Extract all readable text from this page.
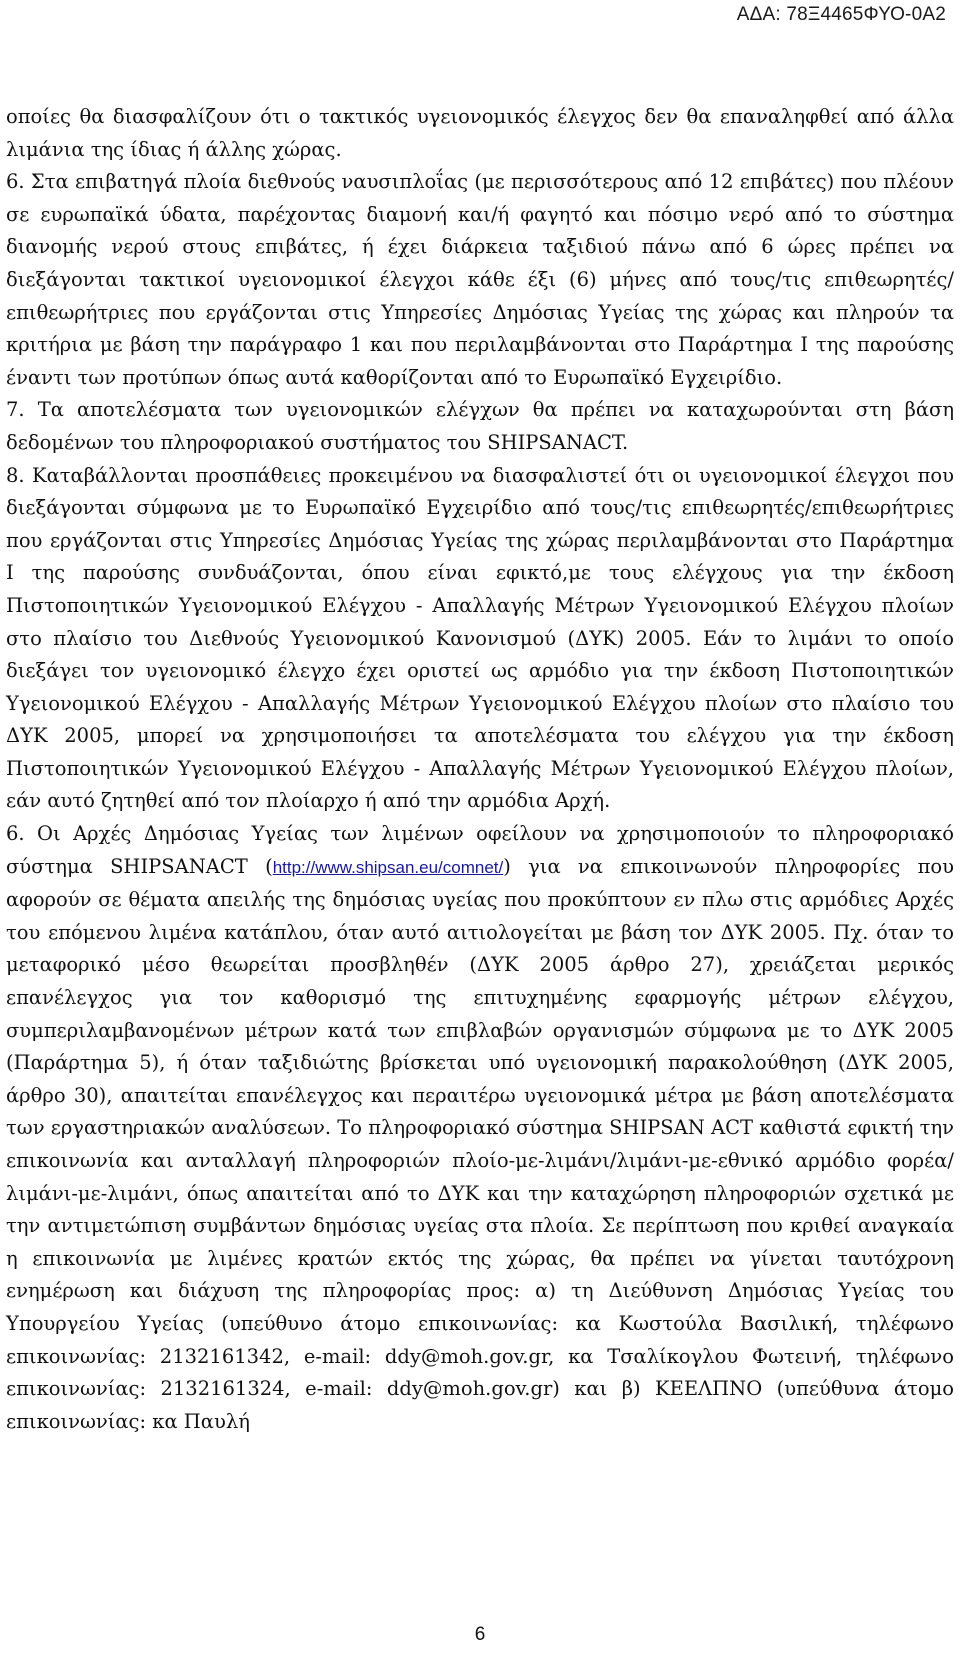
ΑΔΑ: 78Ξ4465ΦΥΟ-0Α2

οποίες θα διασφαλίζουν ότι ο τακτικός υγειονομικός έλεγχος δεν θα επαναληφθεί από άλλα λιμάνια της ίδιας ή άλλης χώρας.

6. Στα επιβατηγά πλοία διεθνούς ναυσιπλοΐας (με περισσότερους από 12 επιβάτες) που πλέουν σε ευρωπαϊκά ύδατα, παρέχοντας διαμονή και/ή φαγητό και πόσιμο νερό από το σύστημα διανομής νερού στους επιβάτες, ή έχει διάρκεια ταξιδιού πάνω από 6 ώρες πρέπει να διεξάγονται τακτικοί υγειονομικοί έλεγχοι κάθε έξι (6) μήνες από τους/τις επιθεωρητές/επιθεωρήτριες που εργάζονται στις Υπηρεσίες Δημόσιας Υγείας της χώρας και πληρούν τα κριτήρια με βάση την παράγραφο 1 και που περιλαμβάνονται στο Παράρτημα Ι της παρούσης έναντι των προτύπων όπως αυτά καθορίζονται από το Ευρωπαϊκό Εγχειρίδιο.

7. Τα αποτελέσματα των υγειονομικών ελέγχων θα πρέπει να καταχωρούνται στη βάση δεδομένων του πληροφοριακού συστήματος του SHIPSANACT.

8. Καταβάλλονται προσπάθειες προκειμένου να διασφαλιστεί ότι οι υγειονομικοί έλεγχοι που διεξάγονται σύμφωνα με το Ευρωπαϊκό Εγχειρίδιο από τους/τις επιθεωρητές/επιθεωρήτριες που εργάζονται στις Υπηρεσίες Δημόσιας Υγείας της χώρας περιλαμβάνονται στο Παράρτημα Ι της παρούσης συνδυάζονται, όπου είναι εφικτό,με τους ελέγχους για την έκδοση Πιστοποιητικών Υγειονομικού Ελέγχου - Απαλλαγής Μέτρων Υγειονομικού Ελέγχου πλοίων στο πλαίσιο του Διεθνούς Υγειονομικού Κανονισμού (ΔΥΚ) 2005. Εάν το λιμάνι το οποίο διεξάγει τον υγειονομικό έλεγχο έχει οριστεί ως αρμόδιο για την έκδοση Πιστοποιητικών Υγειονομικού Ελέγχου - Απαλλαγής Μέτρων Υγειονομικού Ελέγχου πλοίων στο πλαίσιο του ΔΥΚ 2005, μπορεί να χρησιμοποιήσει τα αποτελέσματα του ελέγχου για την έκδοση Πιστοποιητικών Υγειονομικού Ελέγχου - Απαλλαγής Μέτρων Υγειονομικού Ελέγχου πλοίων, εάν αυτό ζητηθεί από τον πλοίαρχο ή από την αρμόδια Αρχή.

6. Οι Αρχές Δημόσιας Υγείας των λιμένων οφείλουν να χρησιμοποιούν το πληροφοριακό σύστημα SHIPSANACT (http://www.shipsan.eu/comnet/) για να επικοινωνούν πληροφορίες που αφορούν σε θέματα απειλής της δημόσιας υγείας που προκύπτουν εν πλω στις αρμόδιες Αρχές του επόμενου λιμένα κατάπλου, όταν αυτό αιτιολογείται με βάση τον ΔΥΚ 2005. Πχ. όταν το μεταφορικό μέσο θεωρείται προσβληθέν (ΔΥΚ 2005 άρθρο 27), χρειάζεται μερικός επανέλεγχος για τον καθορισμό της επιτυχημένης εφαρμογής μέτρων ελέγχου, συμπεριλαμβανομένων μέτρων κατά των επιβλαβών οργανισμών σύμφωνα με το ΔΥΚ 2005 (Παράρτημα 5), ή όταν ταξιδιώτης βρίσκεται υπό υγειονομική παρακολούθηση (ΔΥΚ 2005, άρθρο 30), απαιτείται επανέλεγχος και περαιτέρω υγειονομικά μέτρα με βάση αποτελέσματα των εργαστηριακών αναλύσεων. Το πληροφοριακό σύστημα SHIPSAN ACT καθιστά εφικτή την επικοινωνία και ανταλλαγή πληροφοριών πλοίο-με-λιμάνι/λιμάνι-με-εθνικό αρμόδιο φορέα/ λιμάνι-με-λιμάνι, όπως απαιτείται από το ΔΥΚ και την καταχώρηση πληροφοριών σχετικά με την αντιμετώπιση συμβάντων δημόσιας υγείας στα πλοία. Σε περίπτωση που κριθεί αναγκαία η επικοινωνία με λιμένες κρατών εκτός της χώρας, θα πρέπει να γίνεται ταυτόχρονη ενημέρωση και διάχυση της πληροφορίας προς: α) τη Διεύθυνση Δημόσιας Υγείας του Υπουργείου Υγείας (υπεύθυνο άτομο επικοινωνίας: κα Κωστούλα Βασιλική, τηλέφωνο επικοινωνίας: 2132161342, e-mail: ddy@moh.gov.gr, κα Τσαλίκογλου Φωτεινή, τηλέφωνο επικοινωνίας: 2132161324, e-mail: ddy@moh.gov.gr) και β) ΚΕΕΛΠΝΟ (υπεύθυνα άτομο επικοινωνίας: κα Παυλή

6
